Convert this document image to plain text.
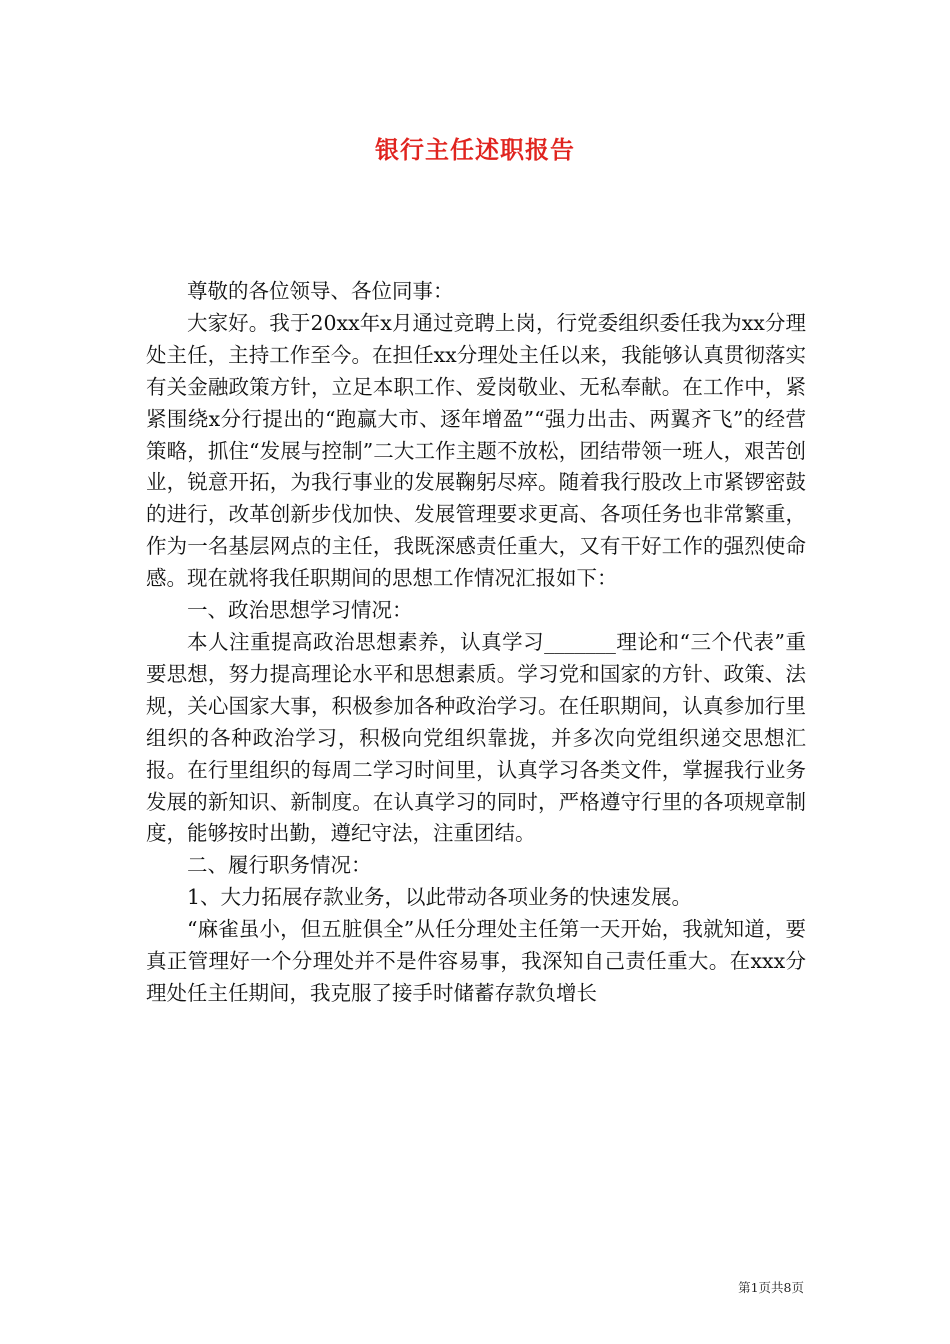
银行主任述职报告

尊敬的各位领导、各位同事：

大家好。我于20xx年x月通过竞聘上岗，行党委组织委任我为xx分理处主任，主持工作至今。在担任xx分理处主任以来，我能够认真贯彻落实有关金融政策方针，立足本职工作、爱岗敬业、无私奉献。在工作中，紧紧围绕x分行提出的“跑赢大市、逐年增盈”“强力出击、两翼齐飞”的经营策略，抓住“发展与控制”二大工作主题不放松，团结带领一班人，艰苦创业，锐意开拓，为我行事业的发展鞠躬尽瘁。随着我行股改上市紧锣密鼓的进行，改革创新步伐加快、发展管理要求更高、各项任务也非常繁重，作为一名基层网点的主任，我既深感责任重大，又有干好工作的强烈使命感。现在就将我任职期间的思想工作情况汇报如下：

一、政治思想学习情况：

本人注重提高政治思想素养，认真学习_______理论和“三个代表”重要思想，努力提高理论水平和思想素质。学习党和国家的方针、政策、法规，关心国家大事，积极参加各种政治学习。在任职期间，认真参加行里组织的各种政治学习，积极向党组织靠拢，并多次向党组织递交思想汇报。在行里组织的每周二学习时间里，认真学习各类文件，掌握我行业务发展的新知识、新制度。在认真学习的同时，严格遵守行里的各项规章制度，能够按时出勤，遵纪守法，注重团结。

二、履行职务情况：

1、大力拓展存款业务，以此带动各项业务的快速发展。

“麻雀虽小，但五脏俱全”从任分理处主任第一天开始，我就知道，要真正管理好一个分理处并不是件容易事，我深知自己责任重大。在xxx分理处任主任期间，我克服了接手时储蓄存款负增长

第1页共8页
